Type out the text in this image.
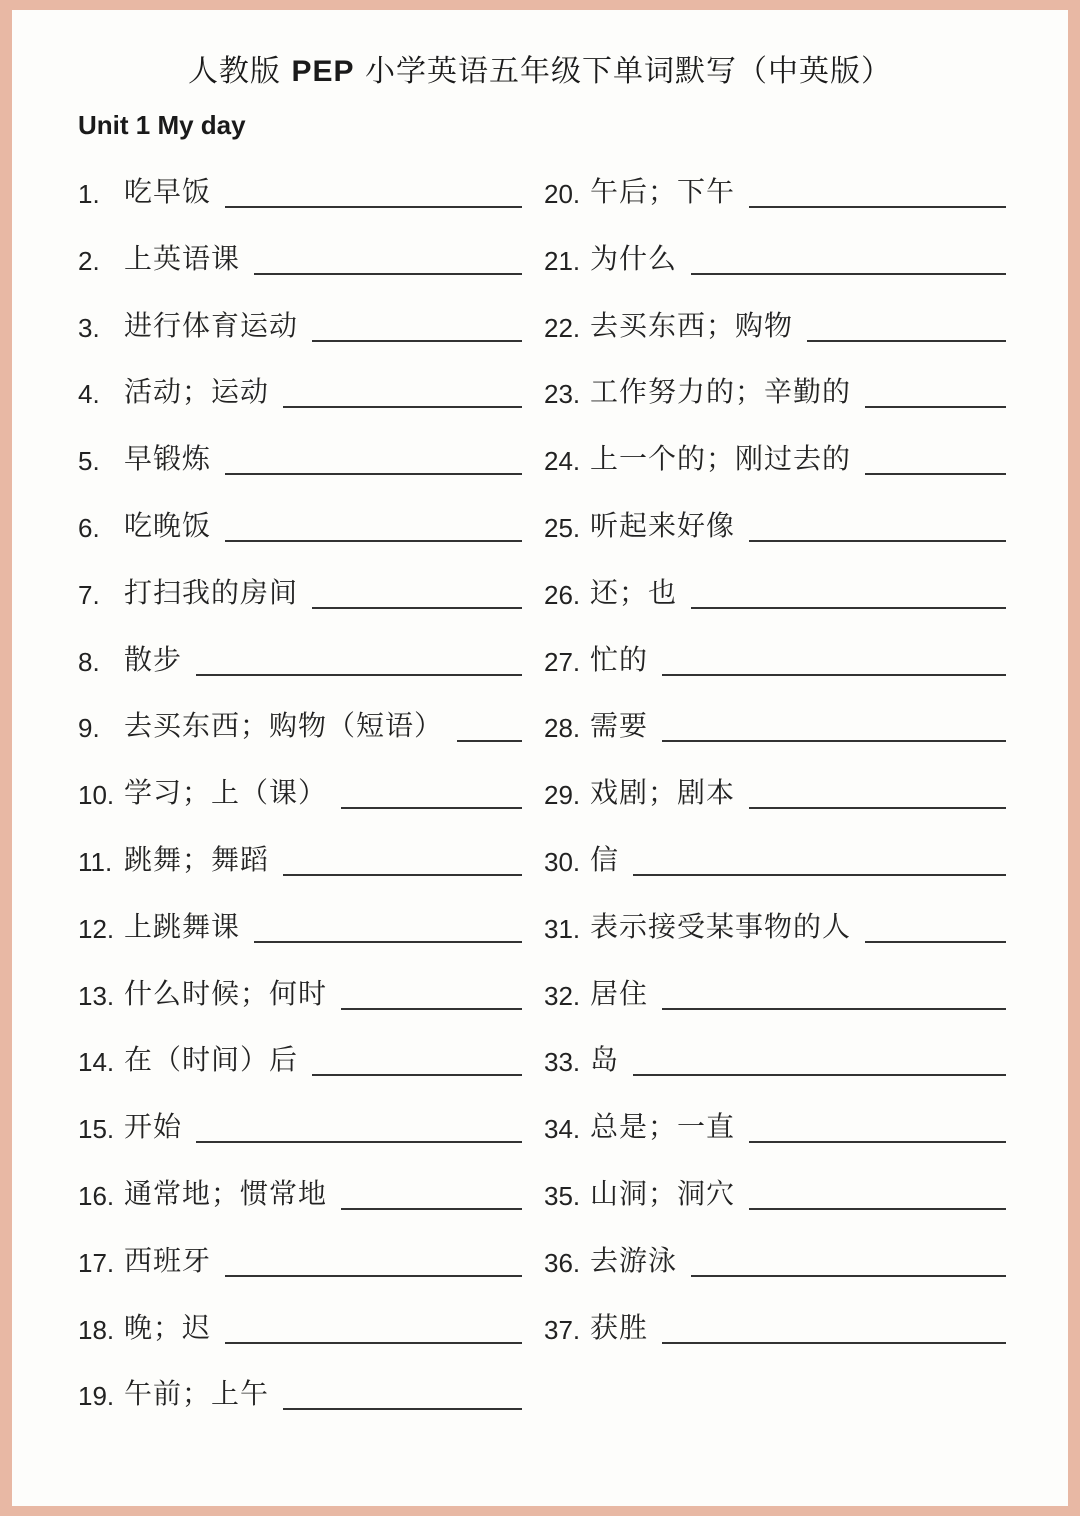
人教版 PEP 小学英语五年级下单词默写（中英版）
Unit 1 My day
1. 吃早饭
2. 上英语课
3. 进行体育运动
4. 活动；运动
5. 早锻炼
6. 吃晚饭
7. 打扫我的房间
8. 散步
9. 去买东西；购物（短语）
10. 学习；上（课）
11. 跳舞；舞蹈
12. 上跳舞课
13. 什么时候；何时
14. 在（时间）后
15. 开始
16. 通常地；惯常地
17. 西班牙
18. 晚；迟
19. 午前；上午
20. 午后；下午
21. 为什么
22. 去买东西；购物
23. 工作努力的；辛勤的
24. 上一个的；刚过去的
25. 听起来好像
26. 还；也
27. 忙的
28. 需要
29. 戏剧；剧本
30. 信
31. 表示接受某事物的人
32. 居住
33. 岛
34. 总是；一直
35. 山洞；洞穴
36. 去游泳
37. 获胜
